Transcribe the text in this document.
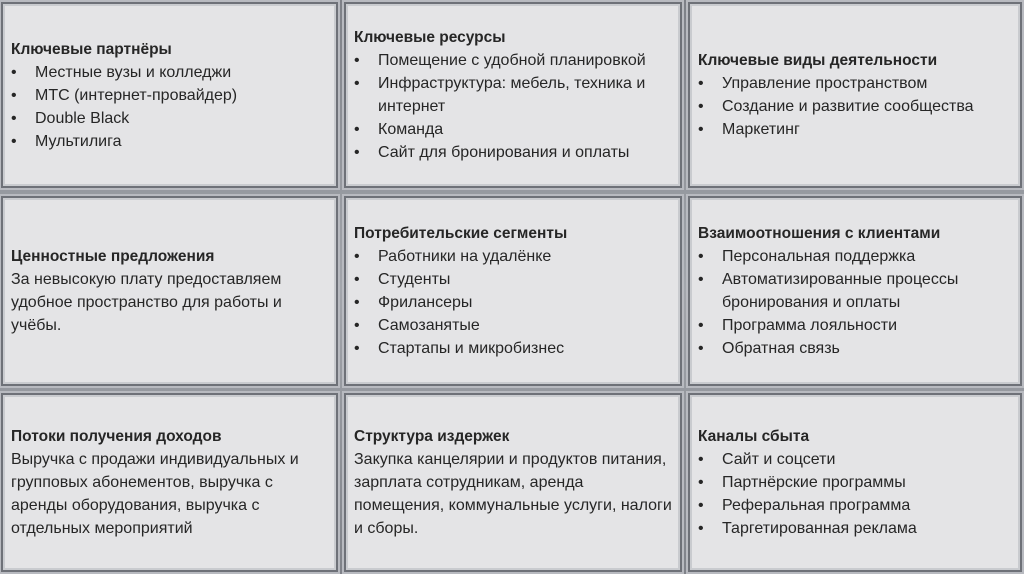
Ключевые партнёры

• Местные вузы и колледжи
• МТС (интернет-провайдер)
• Double Black
• Мультилига

Ключевые ресурсы

• Помещение с удобной планировкой
• Инфраструктура: мебель, техника и интернет
• Команда
• Сайт для бронирования и оплаты

Ключевые виды деятельности

• Управление пространством
• Создание и развитие сообщества
• Маркетинг

Ценностные предложения

За невысокую плату предоставляем удобное пространство для работы и учёбы.

Потребительские сегменты

• Работники на удалёнке
• Студенты
• Фрилансеры
• Самозанятые
• Стартапы и микробизнес

Взаимоотношения с клиентами

• Персональная поддержка
• Автоматизированные процессы бронирования и оплаты
• Программа лояльности
• Обратная связь

Потоки получения доходов

Выручка с продажи индивидуальных и групповых абонементов, выручка с аренды оборудования, выручка с отдельных мероприятий

Структура издержек

Закупка канцелярии и продуктов питания, зарплата сотрудникам, аренда помещения, коммунальные услуги, налоги и сборы.

Каналы сбыта

• Сайт и соцсети
• Партнёрские программы
• Реферальная программа
• Таргетированная реклама
